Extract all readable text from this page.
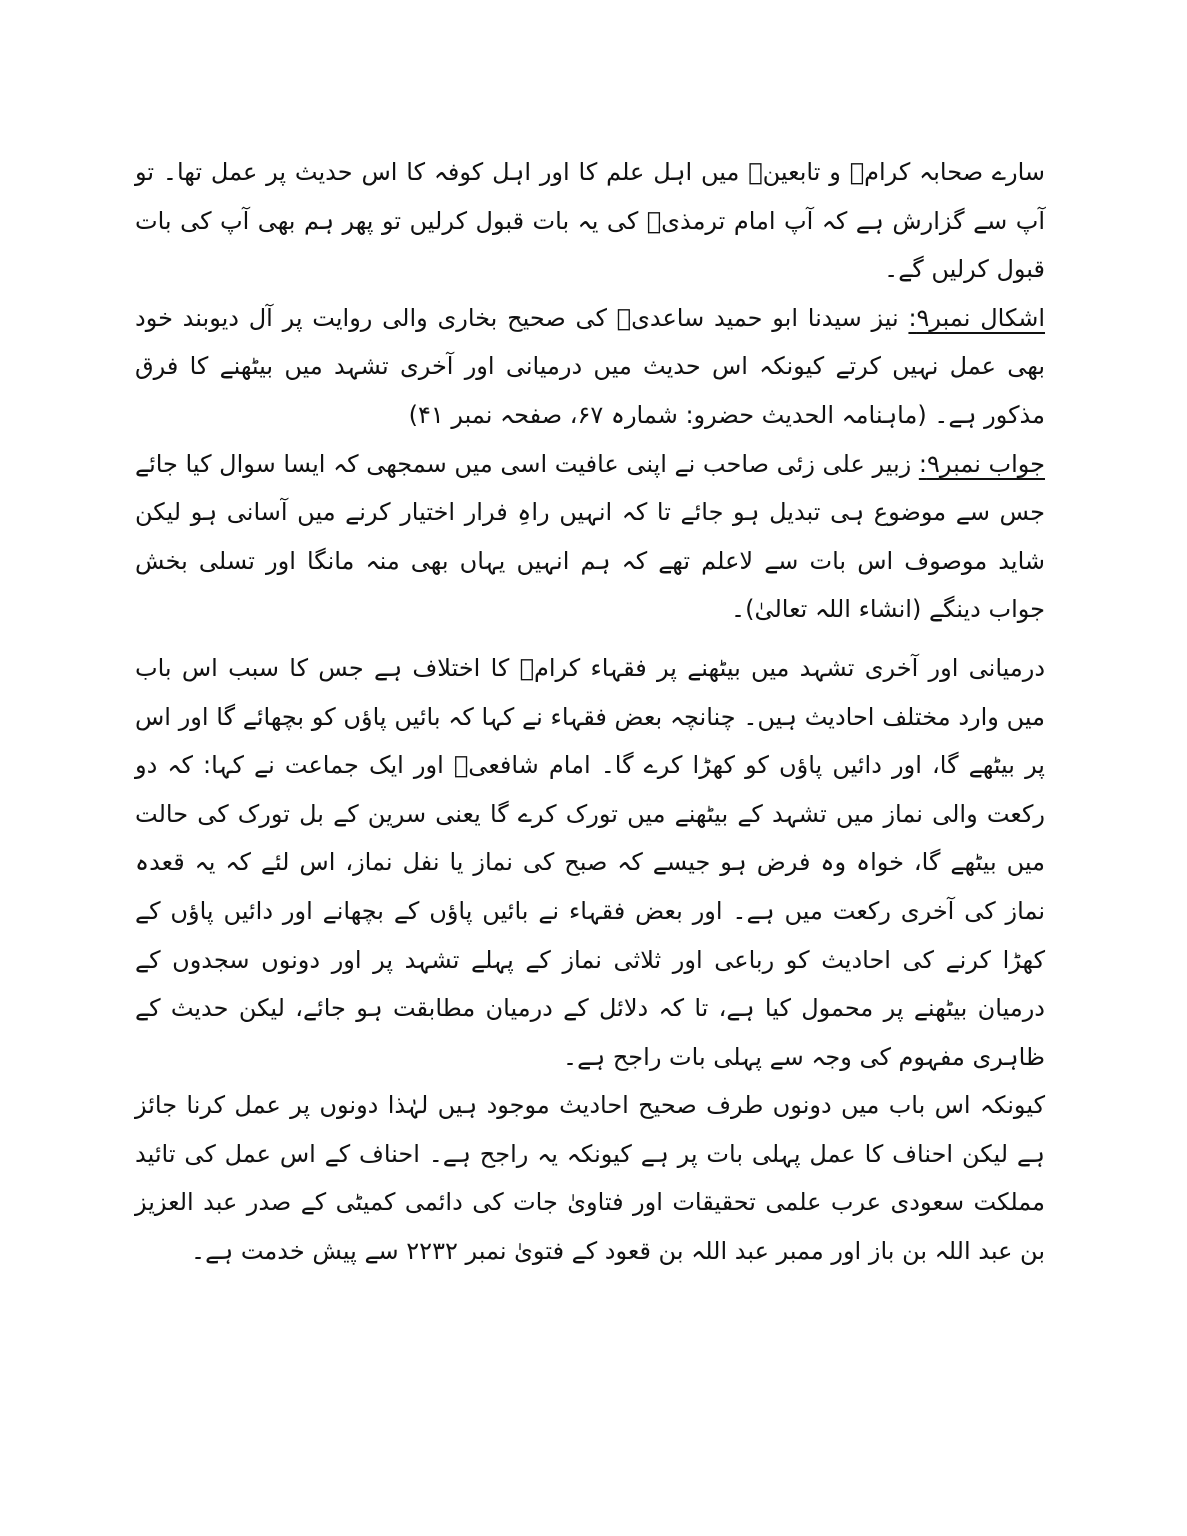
سارے صحابہ کرامؓ و تابعینؒ میں اہل علم کا اور اہل کوفہ کا اس حدیث پر عمل تھا۔ تو آپ سے گزارش ہے کہ آپ امام ترمذیؒ کی یہ بات قبول کرلیں تو پھر ہم بھی آپ کی بات قبول کرلیں گے۔

اشکال نمبر۹: نیز سیدنا ابو حمید ساعدیؓ کی صحیح بخاری والی روایت پر آل دیوبند خود بھی عمل نہیں کرتے کیونکہ اس حدیث میں درمیانی اور آخری تشہد میں بیٹھنے کا فرق مذکور ہے۔ (ماہنامہ الحدیث حضرو: شمارہ ۶۷، صفحہ نمبر ۴۱)

جواب نمبر۹: زبیر علی زئی صاحب نے اپنی عافیت اسی میں سمجھی کہ ایسا سوال کیا جائے جس سے موضوع ہی تبدیل ہو جائے تا کہ انہیں راہِ فرار اختیار کرنے میں آسانی ہو لیکن شاید موصوف اس بات سے لاعلم تھے کہ ہم انہیں یہاں بھی منہ مانگا اور تسلی بخش جواب دینگے (انشاء اللہ تعالیٰ)۔

درمیانی اور آخری تشہد میں بیٹھنے پر فقہاء کرامؒ کا اختلاف ہے جس کا سبب اس باب میں وارد مختلف احادیث ہیں۔ چنانچہ بعض فقہاء نے کہا کہ بائیں پاؤں کو بچھائے گا اور اس پر بیٹھے گا، اور دائیں پاؤں کو کھڑا کرے گا۔ امام شافعیؒ اور ایک جماعت نے کہا: کہ دو رکعت والی نماز میں تشہد کے بیٹھنے میں تورک کرے گا یعنی سرین کے بل تورک کی حالت میں بیٹھے گا، خواہ وہ فرض ہو جیسے کہ صبح کی نماز یا نفل نماز، اس لئے کہ یہ قعدہ نماز کی آخری رکعت میں ہے۔ اور بعض فقہاء نے بائیں پاؤں کے بچھانے اور دائیں پاؤں کے کھڑا کرنے کی احادیث کو رباعی اور ثلاثی نماز کے پہلے تشہد پر اور دونوں سجدوں کے درمیان بیٹھنے پر محمول کیا ہے، تا کہ دلائل کے درمیان مطابقت ہو جائے، لیکن حدیث کے ظاہری مفہوم کی وجہ سے پہلی بات راجح ہے۔

کیونکہ اس باب میں دونوں طرف صحیح احادیث موجود ہیں لہٰذا دونوں پر عمل کرنا جائز ہے لیکن احناف کا عمل پہلی بات پر ہے کیونکہ یہ راجح ہے۔ احناف کے اس عمل کی تائید مملکت سعودی عرب علمی تحقیقات اور فتاویٰ جات کی دائمی کمیٹی کے صدر عبد العزیز بن عبد اللہ بن باز اور ممبر عبد اللہ بن قعود کے فتویٰ نمبر ۲۲۳۲ سے پیش خدمت ہے۔
